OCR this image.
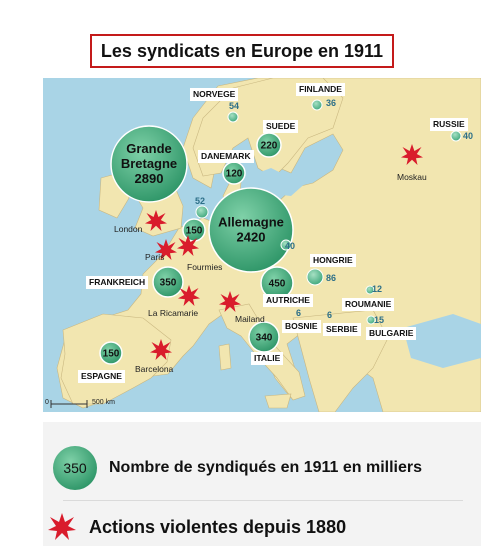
Les syndicats en Europe en 1911
220
120
Grande
Bretagne
2890
150
Allemagne
2420
350	450
340
150
NORVEGE
54
FINLANDE
36
SUEDE	RUSSIE
40
DANEMARK
Moskau
52
London
40
HONGRIE
86
Paris
Fourmies
FRANKREICH
12
AUTRICHE	ROUMANIE
La Ricamarie	6	6	15
Mailand
BOSNIE SERBIE	BULGARIE
ITALIE
Barcelona
ESPAGNE
0	500 km
350 Nombre de syndiqués en 1911 en milliers
Actions violentes depuis 1880
